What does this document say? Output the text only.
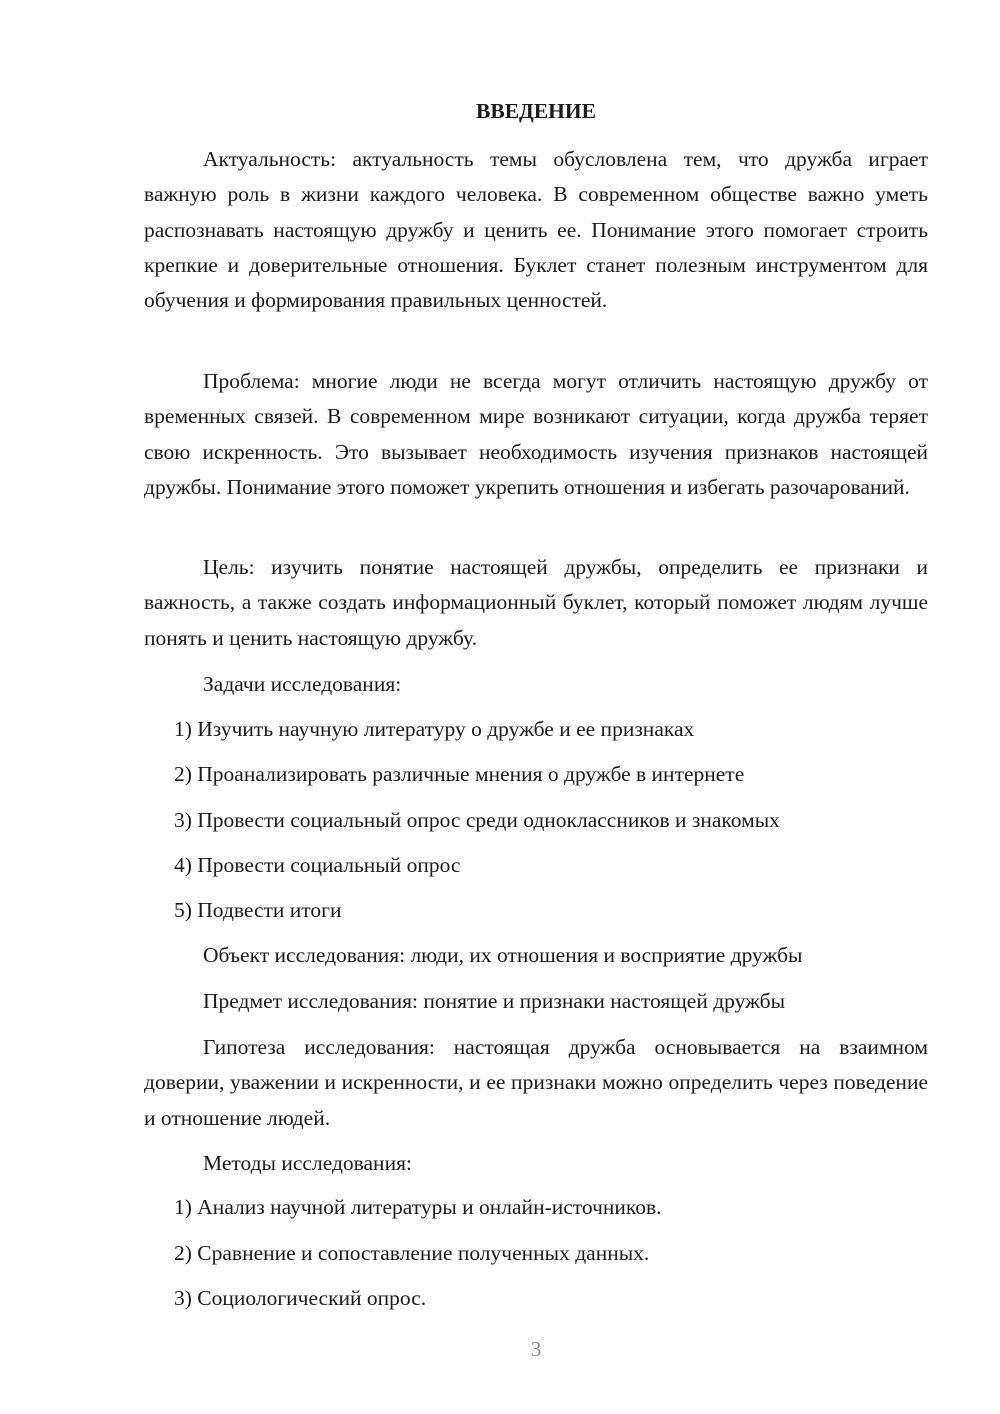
ВВЕДЕНИЕ

Актуальность: актуальность темы обусловлена тем, что дружба играет важную роль в жизни каждого человека. В современном обществе важно уметь распознавать настоящую дружбу и ценить ее. Понимание этого помогает строить крепкие и доверительные отношения. Буклет станет полезным инструментом для обучения и формирования правильных ценностей.

Проблема: многие люди не всегда могут отличить настоящую дружбу от временных связей. В современном мире возникают ситуации, когда дружба теряет свою искренность. Это вызывает необходимость изучения признаков настоящей дружбы. Понимание этого поможет укрепить отношения и избегать разочарований.

Цель: изучить понятие настоящей дружбы, определить ее признаки и важность, а также создать информационный буклет, который поможет людям лучше понять и ценить настоящую дружбу.

Задачи исследования:

1) Изучить научную литературу о дружбе и ее признаках

2) Проанализировать различные мнения о дружбе в интернете

3) Провести социальный опрос среди одноклассников и знакомых

4) Провести социальный опрос

5) Подвести итоги

Объект исследования: люди, их отношения и восприятие дружбы

Предмет исследования: понятие и признаки настоящей дружбы

Гипотеза исследования: настоящая дружба основывается на взаимном доверии, уважении и искренности, и ее признаки можно определить через поведение и отношение людей.

Методы исследования:

1) Анализ научной литературы и онлайн-источников.

2) Сравнение и сопоставление полученных данных.

3) Социологический опрос.

3
